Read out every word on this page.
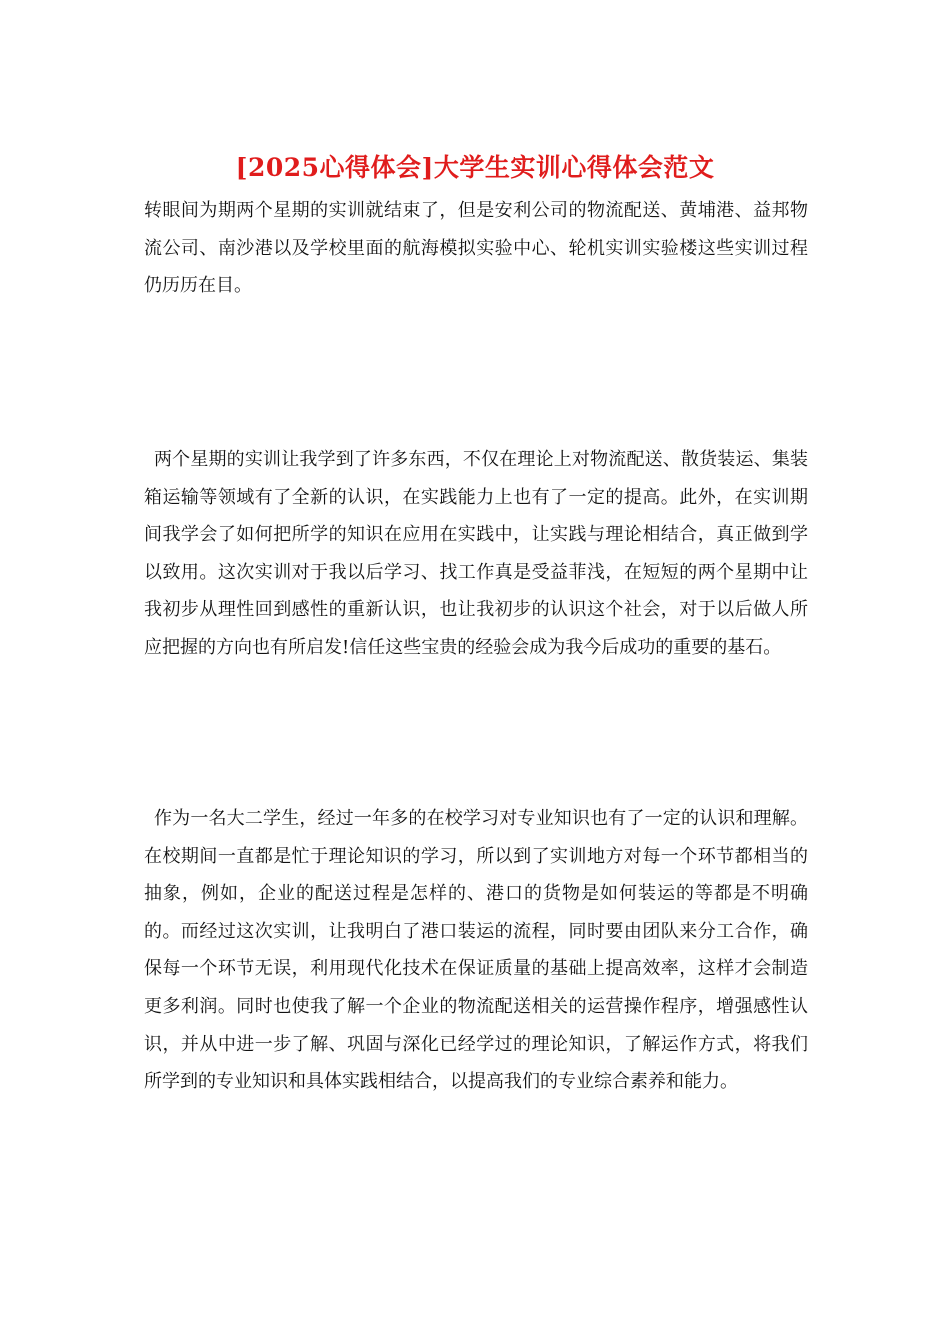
[2025心得体会]大学生实训心得体会范文

转眼间为期两个星期的实训就结束了，但是安利公司的物流配送、黄埔港、益邦物流公司、南沙港以及学校里面的航海模拟实验中心、轮机实训实验楼这些实训过程仍历历在目。

两个星期的实训让我学到了许多东西，不仅在理论上对物流配送、散货装运、集装箱运输等领域有了全新的认识，在实践能力上也有了一定的提高。此外，在实训期间我学会了如何把所学的知识在应用在实践中，让实践与理论相结合，真正做到学以致用。这次实训对于我以后学习、找工作真是受益菲浅，在短短的两个星期中让我初步从理性回到感性的重新认识，也让我初步的认识这个社会，对于以后做人所应把握的方向也有所启发!信任这些宝贵的经验会成为我今后成功的重要的基石。

作为一名大二学生，经过一年多的在校学习对专业知识也有了一定的认识和理解。在校期间一直都是忙于理论知识的学习，所以到了实训地方对每一个环节都相当的抽象，例如，企业的配送过程是怎样的、港口的货物是如何装运的等都是不明确的。而经过这次实训，让我明白了港口装运的流程，同时要由团队来分工合作，确保每一个环节无误，利用现代化技术在保证质量的基础上提高效率，这样才会制造更多利润。同时也使我了解一个企业的物流配送相关的运营操作程序，增强感性认识，并从中进一步了解、巩固与深化已经学过的理论知识，了解运作方式，将我们所学到的专业知识和具体实践相结合，以提高我们的专业综合素养和能力。
